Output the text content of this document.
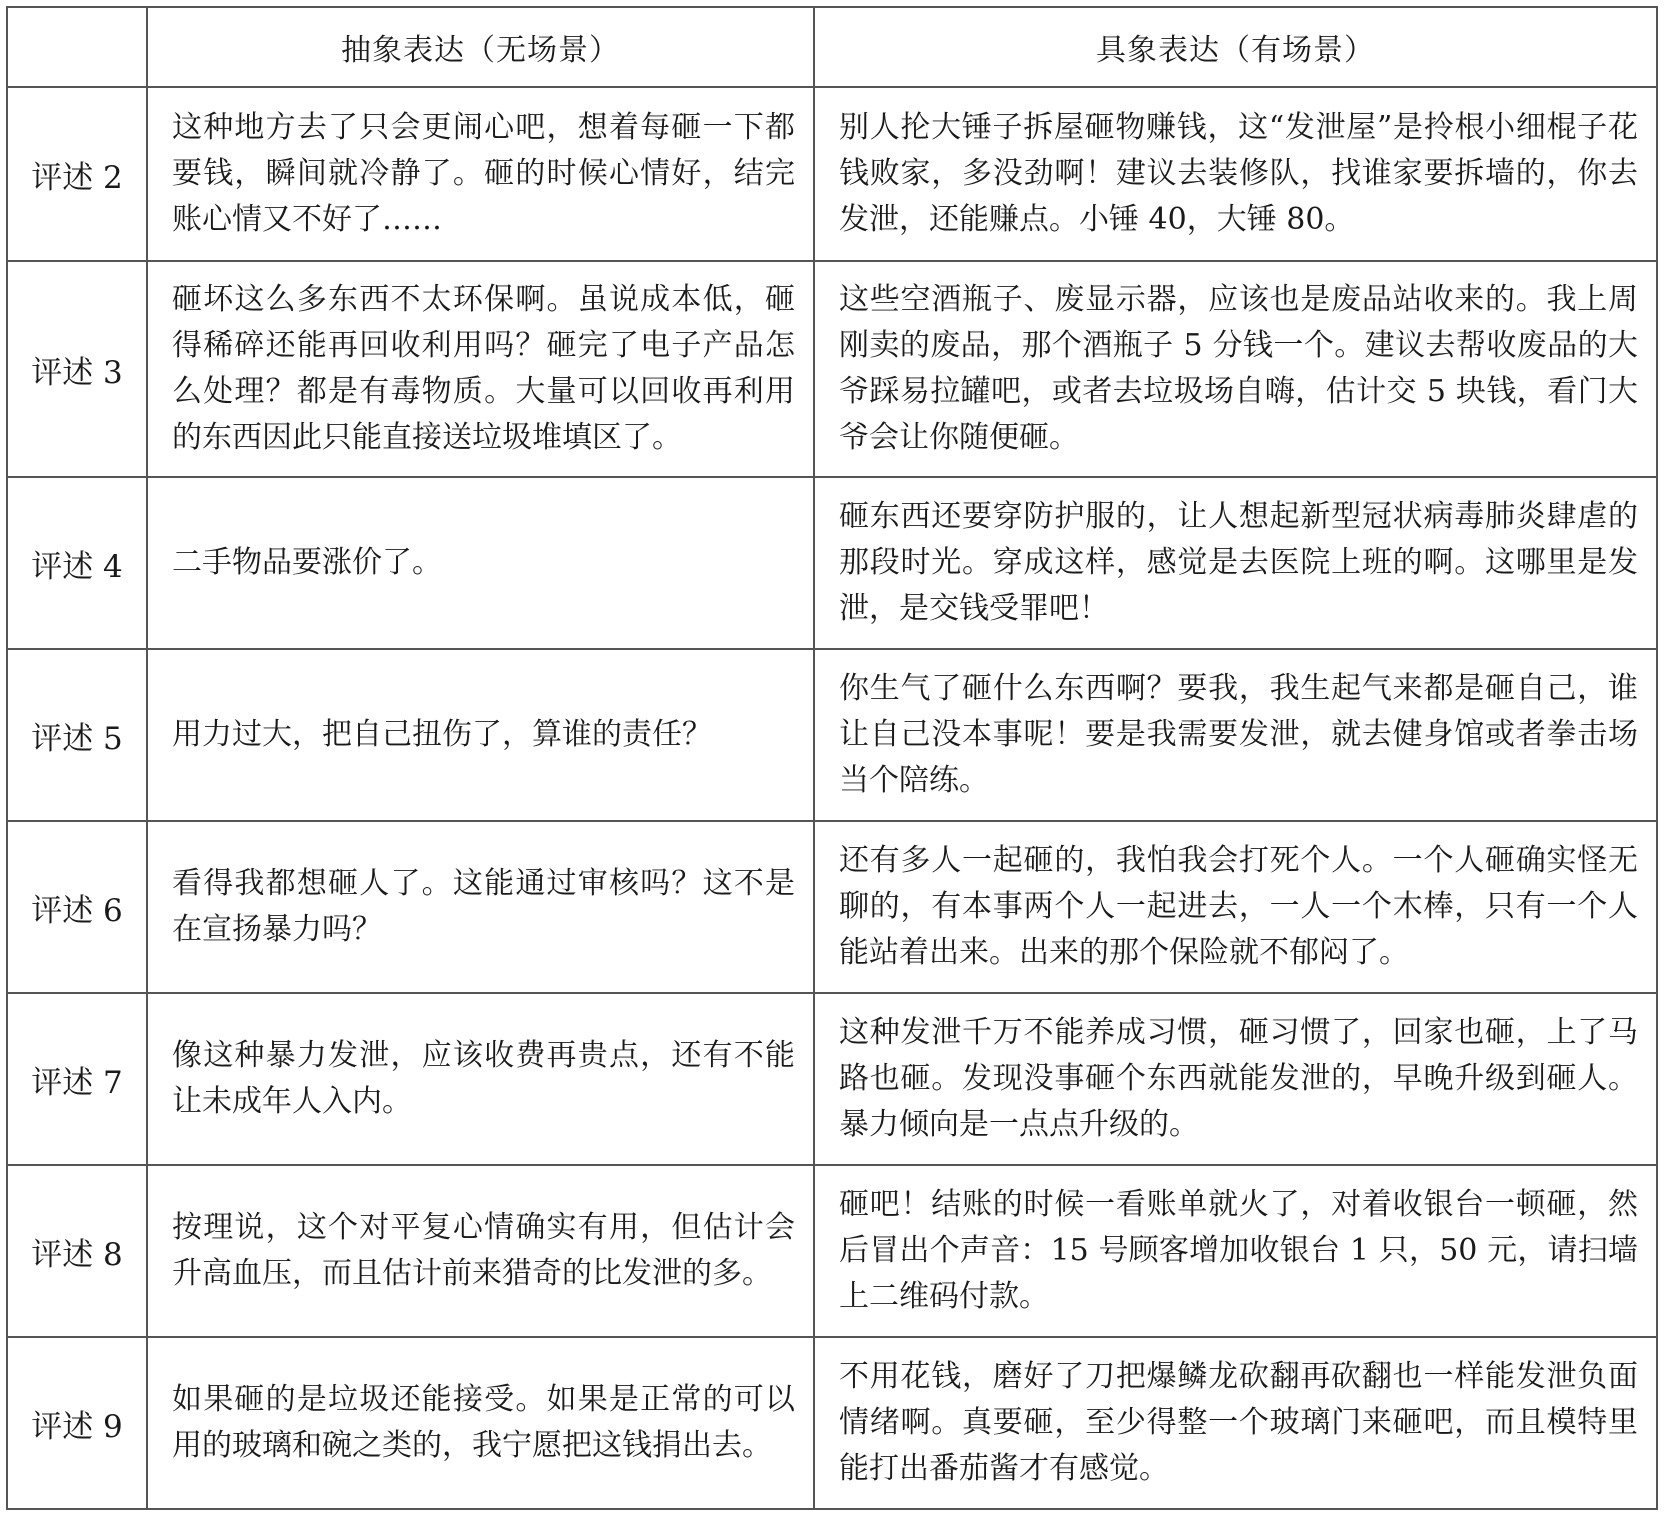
	抽象表达（无场景）	具象表达（有场景）
评述 2	这种地方去了只会更闹心吧，想着每砸一下都要钱，瞬间就冷静了。砸的时候心情好，结完账心情又不好了……	别人抡大锤子拆屋砸物赚钱，这“发泄屋”是拎根小细棍子花钱败家，多没劲啊！建议去装修队，找谁家要拆墙的，你去发泄，还能赚点。小锤 40，大锤 80。
评述 3	砸坏这么多东西不太环保啊。虽说成本低，砸得稀碎还能再回收利用吗？砸完了电子产品怎么处理？都是有毒物质。大量可以回收再利用的东西因此只能直接送垃圾堆填区了。	这些空酒瓶子、废显示器，应该也是废品站收来的。我上周刚卖的废品，那个酒瓶子 5 分钱一个。建议去帮收废品的大爷踩易拉罐吧，或者去垃圾场自嗨，估计交 5 块钱，看门大爷会让你随便砸。
评述 4	二手物品要涨价了。	砸东西还要穿防护服的，让人想起新型冠状病毒肺炎肆虐的那段时光。穿成这样，感觉是去医院上班的啊。这哪里是发泄，是交钱受罪吧！
评述 5	用力过大，把自己扭伤了，算谁的责任？	你生气了砸什么东西啊？要我，我生起气来都是砸自己，谁让自己没本事呢！要是我需要发泄，就去健身馆或者拳击场当个陪练。
评述 6	看得我都想砸人了。这能通过审核吗？这不是在宣扬暴力吗？	还有多人一起砸的，我怕我会打死个人。一个人砸确实怪无聊的，有本事两个人一起进去，一人一个木棒，只有一个人能站着出来。出来的那个保险就不郁闷了。
评述 7	像这种暴力发泄，应该收费再贵点，还有不能让未成年人入内。	这种发泄千万不能养成习惯，砸习惯了，回家也砸，上了马路也砸。发现没事砸个东西就能发泄的，早晚升级到砸人。暴力倾向是一点点升级的。
评述 8	按理说，这个对平复心情确实有用，但估计会升高血压，而且估计前来猎奇的比发泄的多。	砸吧！结账的时候一看账单就火了，对着收银台一顿砸，然后冒出个声音：15 号顾客增加收银台 1 只，50 元，请扫墙上二维码付款。
评述 9	如果砸的是垃圾还能接受。如果是正常的可以用的玻璃和碗之类的，我宁愿把这钱捐出去。	不用花钱，磨好了刀把爆鳞龙砍翻再砍翻也一样能发泄负面情绪啊。真要砸，至少得整一个玻璃门来砸吧，而且模特里能打出番茄酱才有感觉。
